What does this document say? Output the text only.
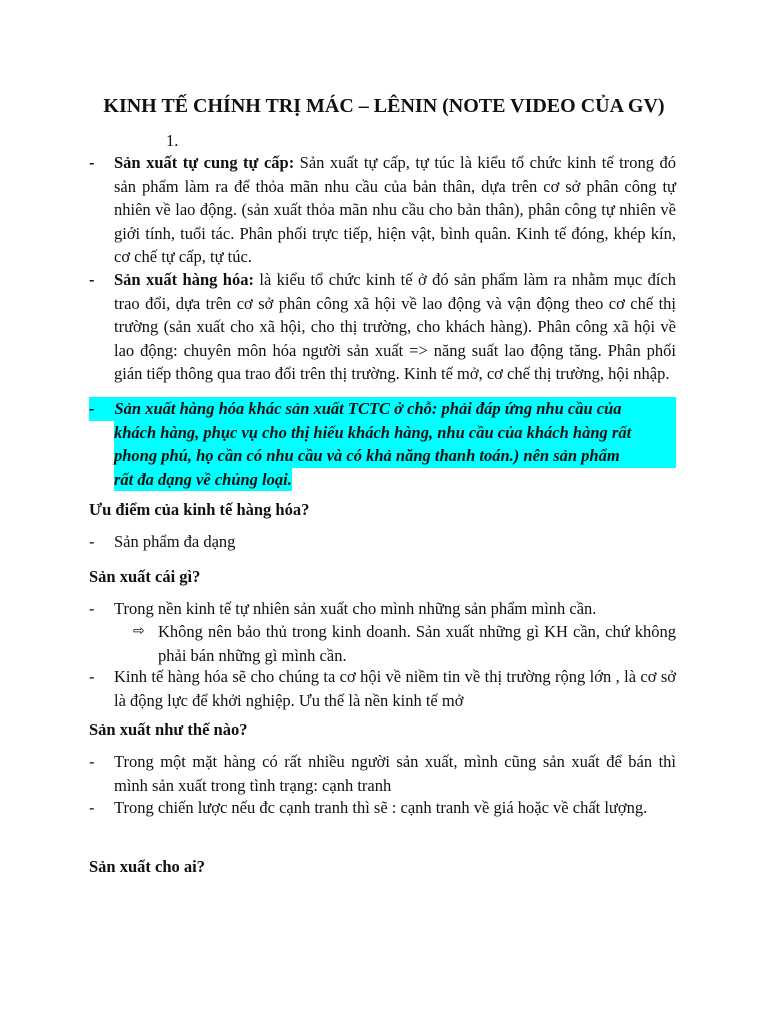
KINH TẾ CHÍNH TRỊ MÁC – LÊNIN (NOTE VIDEO CỦA GV)
1.
-	Sản xuất tự cung tự cấp: Sản xuất tự cấp, tự túc là kiểu tổ chức kinh tế trong đó sản phẩm làm ra để thỏa mãn nhu cầu của bản thân, dựa trên cơ sở phân công tự nhiên về lao động. (sản xuất thỏa mãn nhu cầu cho bản thân), phân công tự nhiên về giới tính, tuổi tác. Phân phối trực tiếp, hiện vật, bình quân. Kinh tế đóng, khép kín, cơ chế tự cấp, tự túc.
-	Sản xuất hàng hóa: là kiểu tổ chức kinh tế ở đó sản phẩm làm ra nhằm mục đích trao đổi, dựa trên cơ sở phân công xã hội về lao động và vận động theo cơ chế thị trường (sản xuất cho xã hội, cho thị trường, cho khách hàng). Phân công xã hội về lao động: chuyên môn hóa người sản xuất => năng suất lao động tăng. Phân phối gián tiếp thông qua trao đổi trên thị trường. Kinh tế mở, cơ chế thị trường, hội nhập.
- Sản xuất hàng hóa khác sản xuất TCTC ở chỗ: phải đáp ứng nhu cầu của
khách hàng, phục vụ cho thị hiếu khách hàng, nhu cầu của khách hàng rất
phong phú, họ cần có nhu cầu và có khả năng thanh toán.) nên sản phẩm
rất đa dạng về chủng loại.
Ưu điểm của kinh tế hàng hóa?
-	Sản phẩm đa dạng
Sản xuất cái gì?
-	Trong nền kinh tế tự nhiên sản xuất cho mình những sản phẩm mình cần.
⇨ Không nên bảo thủ trong kinh doanh. Sản xuất những gì KH cần, chứ không phải bán những gì mình cần.
-	Kinh tế hàng hóa sẽ cho chúng ta cơ hội về niềm tin về thị trường rộng lớn , là cơ sở là động lực để khởi nghiệp. Ưu thế là nền kinh tế mở
Sản xuất như thế nào?
-	Trong một mặt hàng có rất nhiều người sản xuất, mình cũng sản xuất để bán thì mình sản xuất trong tình trạng: cạnh tranh
-	Trong chiến lược nếu đc cạnh tranh thì sẽ : cạnh tranh về giá hoặc về chất lượng.
Sản xuất cho ai?
